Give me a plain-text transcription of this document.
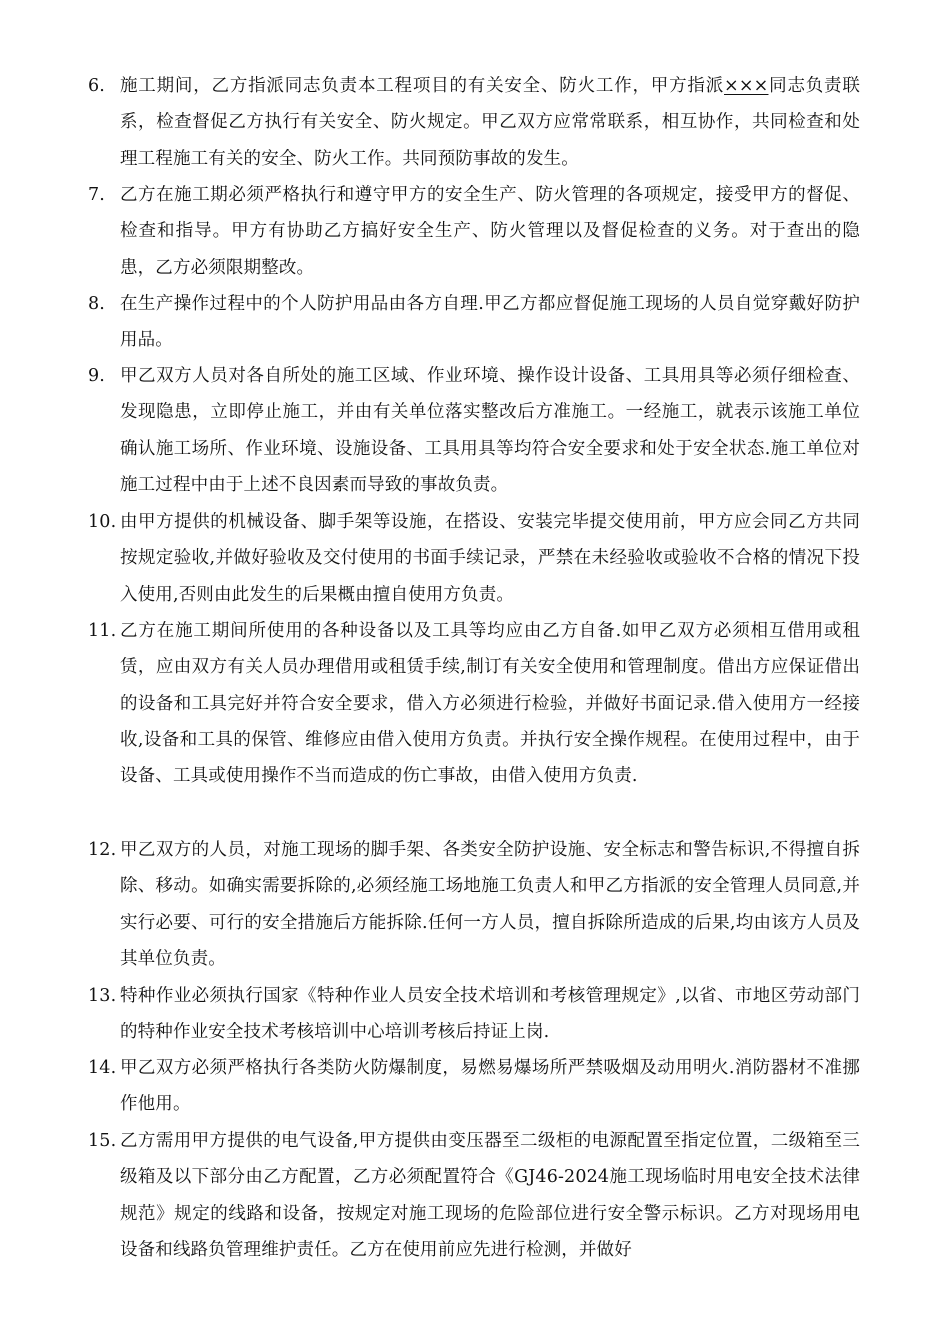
6. 施工期间，乙方指派同志负责本工程项目的有关安全、防火工作，甲方指派×××同志负责联系，检查督促乙方执行有关安全、防火规定。甲乙双方应常常联系，相互协作，共同检查和处理工程施工有关的安全、防火工作。共同预防事故的发生。
7. 乙方在施工期必须严格执行和遵守甲方的安全生产、防火管理的各项规定，接受甲方的督促、检查和指导。甲方有协助乙方搞好安全生产、防火管理以及督促检查的义务。对于查出的隐患，乙方必须限期整改。
8. 在生产操作过程中的个人防护用品由各方自理.甲乙方都应督促施工现场的人员自觉穿戴好防护用品。
9. 甲乙双方人员对各自所处的施工区域、作业环境、操作设计设备、工具用具等必须仔细检查、发现隐患，立即停止施工，并由有关单位落实整改后方准施工。一经施工，就表示该施工单位确认施工场所、作业环境、设施设备、工具用具等均符合安全要求和处于安全状态.施工单位对施工过程中由于上述不良因素而导致的事故负责。
10. 由甲方提供的机械设备、脚手架等设施，在搭设、安装完毕提交使用前，甲方应会同乙方共同按规定验收,并做好验收及交付使用的书面手续记录，严禁在未经验收或验收不合格的情况下投入使用,否则由此发生的后果概由擅自使用方负责。
11. 乙方在施工期间所使用的各种设备以及工具等均应由乙方自备.如甲乙双方必须相互借用或租赁，应由双方有关人员办理借用或租赁手续,制订有关安全使用和管理制度。借出方应保证借出的设备和工具完好并符合安全要求，借入方必须进行检验，并做好书面记录.借入使用方一经接收,设备和工具的保管、维修应由借入使用方负责。并执行安全操作规程。在使用过程中，由于设备、工具或使用操作不当而造成的伤亡事故，由借入使用方负责.
12. 甲乙双方的人员，对施工现场的脚手架、各类安全防护设施、安全标志和警告标识,不得擅自拆除、移动。如确实需要拆除的,必须经施工场地施工负责人和甲乙方指派的安全管理人员同意,并实行必要、可行的安全措施后方能拆除.任何一方人员，擅自拆除所造成的后果,均由该方人员及其单位负责。
13. 特种作业必须执行国家《特种作业人员安全技术培训和考核管理规定》,以省、市地区劳动部门的特种作业安全技术考核培训中心培训考核后持证上岗.
14. 甲乙双方必须严格执行各类防火防爆制度，易燃易爆场所严禁吸烟及动用明火.消防器材不准挪作他用。
15. 乙方需用甲方提供的电气设备,甲方提供由变压器至二级柜的电源配置至指定位置，二级箱至三级箱及以下部分由乙方配置，乙方必须配置符合《GJ46-2024施工现场临时用电安全技术法律规范》规定的线路和设备，按规定对施工现场的危险部位进行安全警示标识。乙方对现场用电设备和线路负管理维护责任。乙方在使用前应先进行检测，并做好
